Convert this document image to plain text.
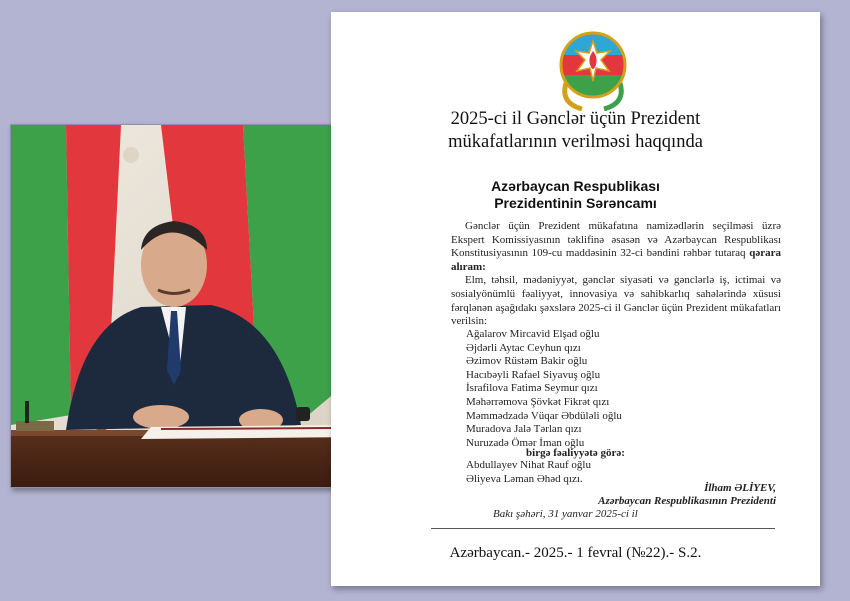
2025-ci il Gənclər üçün Prezident
mükafatlarının verilməsi haqqında
Azərbaycan Respublikası
Prezidentinin Sərəncamı

Gənclər üçün Prezident mükafatına namizədlərin seçilməsi üzrə Ekspert Komissiyasının təklifinə əsasən və Azərbaycan Respublikası Konstitusiyasının 109-cu maddəsinin 32-ci bəndini rəhbər tutaraq qərara alıram:

Elm, təhsil, mədəniyyət, gənclər siyasəti və gənclərlə iş, ictimai və sosialyönümlü fəaliyyət, innovasiya və sahibkarlıq sahələrində xüsusi fərqlənən aşağıdakı şəxslərə 2025-ci il Gənclər üçün Prezident mükafatları verilsin:

Ağalarov Mircavid Elşad oğlu
Əjdərli Aytac Ceyhun qızı
Əzimov Rüstəm Bakir oğlu
Hacıbəyli Rafael Siyavuş oğlu
İsrafilova Fatimə Seymur qızı
Məhərrəmova Şövkət Fikrət qızı
Məmmədzadə Vüqar Əbdüləli oğlu
Muradova Jalə Tərlan qızı
Nuruzadə Ömər İman oğlu
birgə fəaliyyətə görə:
Abdullayev Nihat Rauf oğlu
Əliyeva Ləman Əhəd qızı.
İlham ƏLİYEV,
Azərbaycan Respublikasının Prezidenti
Bakı şəhəri, 31 yanvar 2025-ci il
Azərbaycan.- 2025.- 1 fevral (№22).- S.2.
